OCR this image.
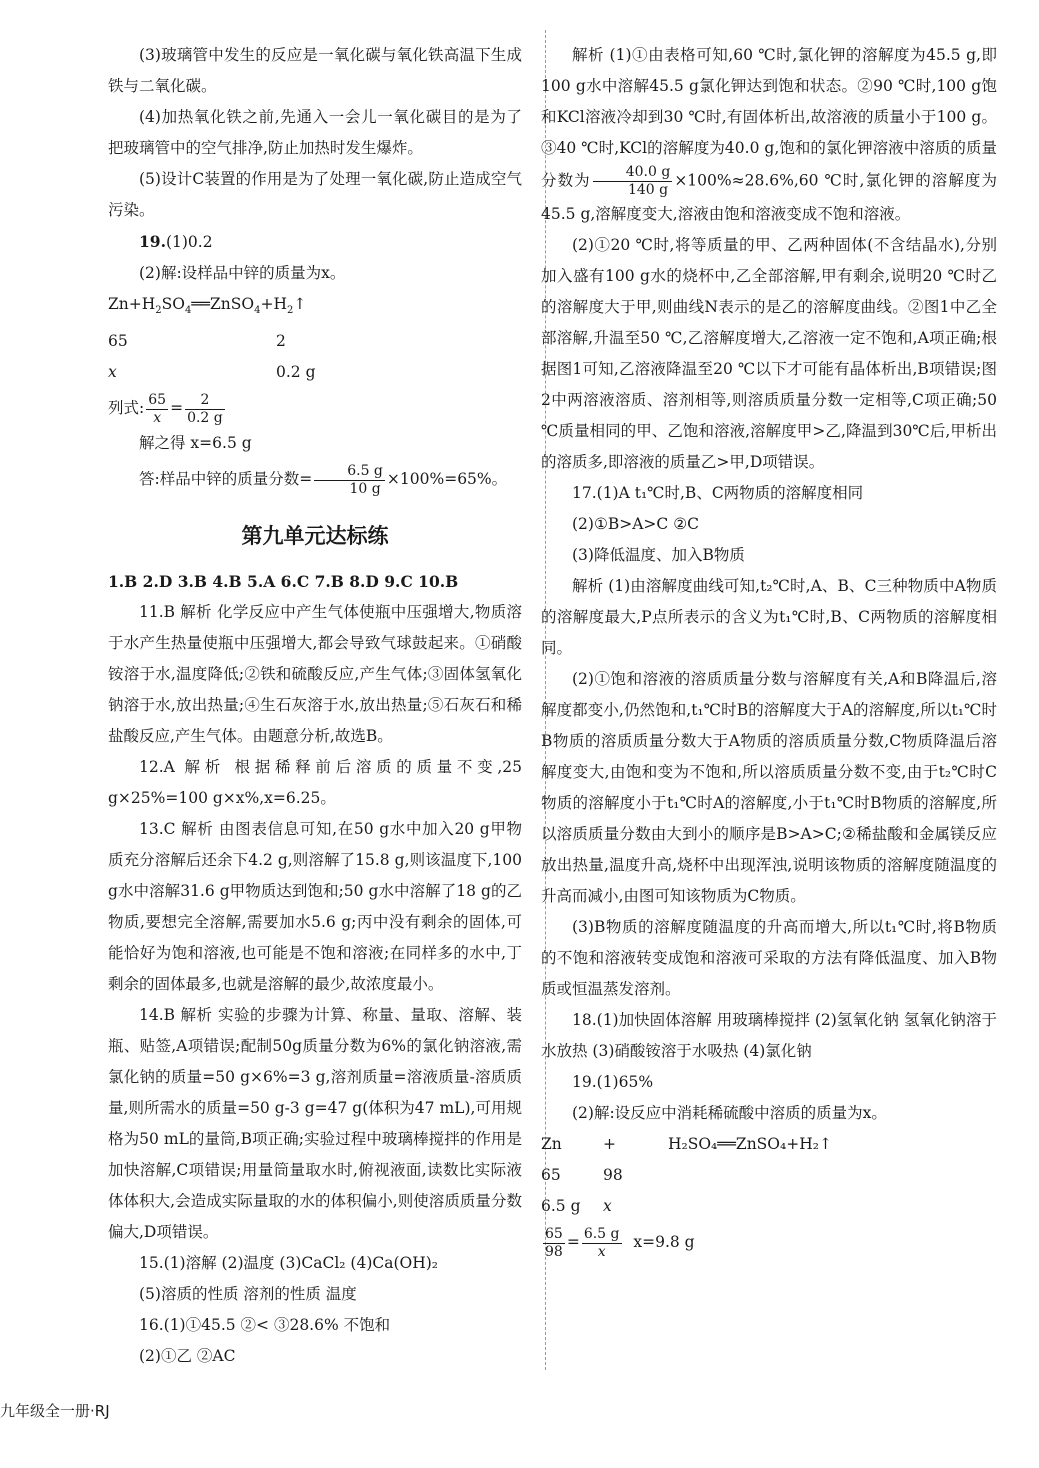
(3)玻璃管中发生的反应是一氧化碳与氧化铁高温下生成铁与二氧化碳。

(4)加热氧化铁之前,先通入一会儿一氧化碳目的是为了把玻璃管中的空气排净,防止加热时发生爆炸。

(5)设计C装置的作用是为了处理一氧化碳,防止造成空气污染。

19.(1)0.2

(2)解:设样品中锌的质量为x。

$Zn+H_2SO_4══ZnSO_4+H_2↑$

65	2
x	0.2 g

列式: $\frac{65}{x} = \frac{2}{0.2 g}$

解之得 x=6.5 g

答:样品中锌的质量分数= $\frac{6.5 g}{10 g} \times 100\%=65\%$。

第九单元达标练

1.B 2.D 3.B 4.B 5.A 6.C 7.B 8.D 9.C 10.B

11.B 解析 化学反应中产生气体使瓶中压强增大,物质溶于水产生热量使瓶中压强增大,都会导致气球鼓起来。①硝酸铵溶于水,温度降低;②铁和硫酸反应,产生气体;③固体氢氧化钠溶于水,放出热量;④生石灰溶于水,放出热量;⑤石灰石和稀盐酸反应,产生气体。由题意分析,故选B。

12.A 解析 根据稀释前后溶质的质量不变,25 g×25%=100 g×x%,x=6.25。

13.C 解析 由图表信息可知,在50 g水中加入20 g甲物质充分溶解后还余下4.2 g,则溶解了15.8 g,则该温度下,100 g水中溶解31.6 g甲物质达到饱和;50 g水中溶解了18 g的乙物质,要想完全溶解,需要加水5.6 g;丙中没有剩余的固体,可能恰好为饱和溶液,也可能是不饱和溶液;在同样多的水中,丁剩余的固体最多,也就是溶解的最少,故浓度最小。

14.B 解析 实验的步骤为计算、称量、量取、溶解、装瓶、贴签,A项错误;配制50g质量分数为6%的氯化钠溶液,需氯化钠的质量=50 g×6%=3 g,溶剂质量=溶液质量-溶质质量,则所需水的质量=50 g-3 g=47 g(体积为47 mL),可用规格为50 mL的量筒,B项正确;实验过程中玻璃棒搅拌的作用是加快溶解,C项错误;用量筒量取水时,俯视液面,读数比实际液体体积大,会造成实际量取的水的体积偏小,则使溶质质量分数偏大,D项错误。

15.(1)溶解 (2)温度 (3)CaCl₂ (4)Ca(OH)₂

(5)溶质的性质 溶剂的性质 温度

16.(1)①45.5 ②< ③28.6% 不饱和

(2)①乙 ②AC

解析 (1)①由表格可知,60 ℃时,氯化钾的溶解度为45.5 g,即100 g水中溶解45.5 g氯化钾达到饱和状态。②90 ℃时,100 g饱和KCl溶液冷却到30 ℃时,有固体析出,故溶液的质量小于100 g。③40 ℃时,KCl的溶解度为40.0 g,饱和的氯化钾溶液中溶质的质量分数为 $\frac{40.0 g}{140 g} \times 100\%\approx 28.6\%,60$ ℃时,氯化钾的溶解度为45.5 g,溶解度变大,溶液由饱和溶液变成不饱和溶液。

(2)①20 ℃时,将等质量的甲、乙两种固体(不含结晶水),分别加入盛有100 g水的烧杯中,乙全部溶解,甲有剩余,说明20 ℃时乙的溶解度大于甲,则曲线N表示的是乙的溶解度曲线。②图1中乙全部溶解,升温至50 ℃,乙溶解度增大,乙溶液一定不饱和,A项正确;根据图1可知,乙溶液降温至20 ℃以下才可能有晶体析出,B项错误;图2中两溶液溶质、溶剂相等,则溶质质量分数一定相等,C项正确;50 ℃质量相同的甲、乙饱和溶液,溶解度甲>乙,降温到30℃后,甲析出的溶质多,即溶液的质量乙>甲,D项错误。

17.(1)A t₁℃时,B、C两物质的溶解度相同

(2)①B>A>C ②C

(3)降低温度、加入B物质

解析 (1)由溶解度曲线可知,t₂℃时,A、B、C三种物质中A物质的溶解度最大,P点所表示的含义为t₁℃时,B、C两物质的溶解度相同。

(2)①饱和溶液的溶质质量分数与溶解度有关,A和B降温后,溶解度都变小,仍然饱和,t₁℃时B的溶解度大于A的溶解度,所以t₁℃时B物质的溶质质量分数大于A物质的溶质质量分数,C物质降温后溶解度变大,由饱和变为不饱和,所以溶质质量分数不变,由于t₂℃时C物质的溶解度小于t₁℃时A的溶解度,小于t₁℃时B物质的溶解度,所以溶质质量分数由大到小的顺序是B>A>C;②稀盐酸和金属镁反应放出热量,温度升高,烧杯中出现浑浊,说明该物质的溶解度随温度的升高而减小,由图可知该物质为C物质。

(3)B物质的溶解度随温度的升高而增大,所以t₁℃时,将B物质的不饱和溶液转变成饱和溶液可采取的方法有降低温度、加入B物质或恒温蒸发溶剂。

18.(1)加快固体溶解 用玻璃棒搅拌 (2)氢氧化钠 氢氧化钠溶于水放热 (3)硝酸铵溶于水吸热 (4)氯化钠

19.(1)65%

(2)解:设反应中消耗稀硫酸中溶质的质量为x。

Zn	+	H₂SO₄══ZnSO₄+H₂↑
65	98
6.5 g	x

$\frac{65}{98} = \frac{6.5 g}{x} x=9.8$ g

九年级全一册·RJ
